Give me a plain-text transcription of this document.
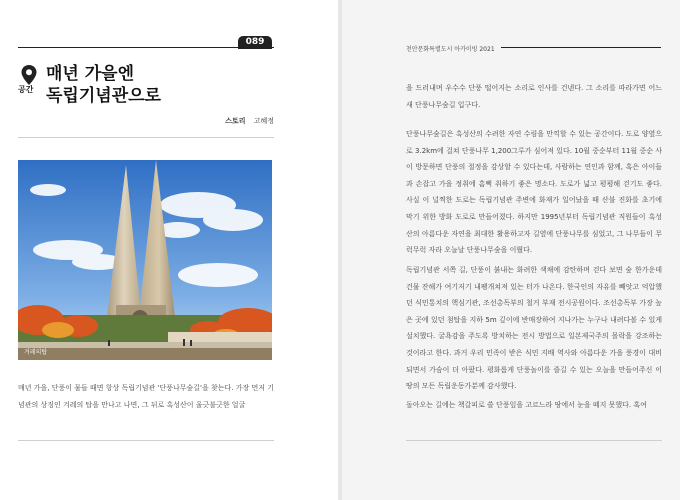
089
공간
매년 가을엔
독립기념관으로
스토리 고혜정
겨레의탑

매년 가을, 단풍이 물들 때면 항상 독립기념관 '단풍나무숲길'을 찾는다. 가장 먼저 기념관의 상징인 겨레의 탑을 만나고 나면, 그 뒤로 흑성산이 울긋불긋한 얼굴

천안문화특별도시 아카이빙 2021

을 드러내며 우수수 단풍 떨어지는 소리로 인사를 건넨다. 그 소리를 따라가면 어느새 단풍나무숲길 입구다.

단풍나무숲길은 흑성산의 수려한 자연 수림을 만끽할 수 있는 공간이다. 도로 양옆으로 3.2km에 걸쳐 단풍나무 1,200그루가 심어져 있다. 10월 중순부터 11월 중순 사이 방문하면 단풍의 절정을 감상할 수 있다는데, 사람하는 연인과 함께, 혹은 아이들과 손잡고 가을 정취에 흠뻑 취하기 좋은 명소다. 도로가 넓고 평평해 걷기도 좋다. 사실 이 널찍한 도로는 독립기념관 주변에 화재가 일어났을 때 산불 진화를 초기에 막기 위한 방화 도로로 만들어졌다. 하지만 1995년부터 독립기념관 직원들이 흑성산의 아름다운 자연을 최대한 활용하고자 길옆에 단풍나무를 심었고, 그 나무들이 무럭무럭 자라 오늘날 단풍나무숲을 이뤘다.

독립기념관 서쪽 길, 단풍이 붉내는 화려한 색채에 감탄하며 걷다 보면 숲 한가운데 건물 잔해가 여기저기 내팽개쳐져 있는 터가 나온다. 한국인의 자유를 빼앗고 억압했던 식민통치의 핵심기관, 조선총독부의 철거 부재 전시공원이다. 조선총독부 가장 높은 곳에 있던 첨탑을 지하 5m 깊이에 반매장하여 지나가는 누구나 내려다볼 수 있게 설치했다. 굴욕감을 주도록 방치하는 전시 방법으로 일본제국주의 몰락을 강조하는 것이라고 한다. 과거 우리 민족이 받은 식민 지배 역사와 아름다운 가을 풍경이 대비되면서 가슴이 더 아팠다. 평화롭게 단풍놀이를 즐길 수 있는 오늘을 만들어주신 이 땅의 모든 독립운동가분께 감사했다.

돌아오는 길에는 책갈피로 쓸 단풍잎을 고르느라 땅에서 눈을 떼지 못했다. 혹여
